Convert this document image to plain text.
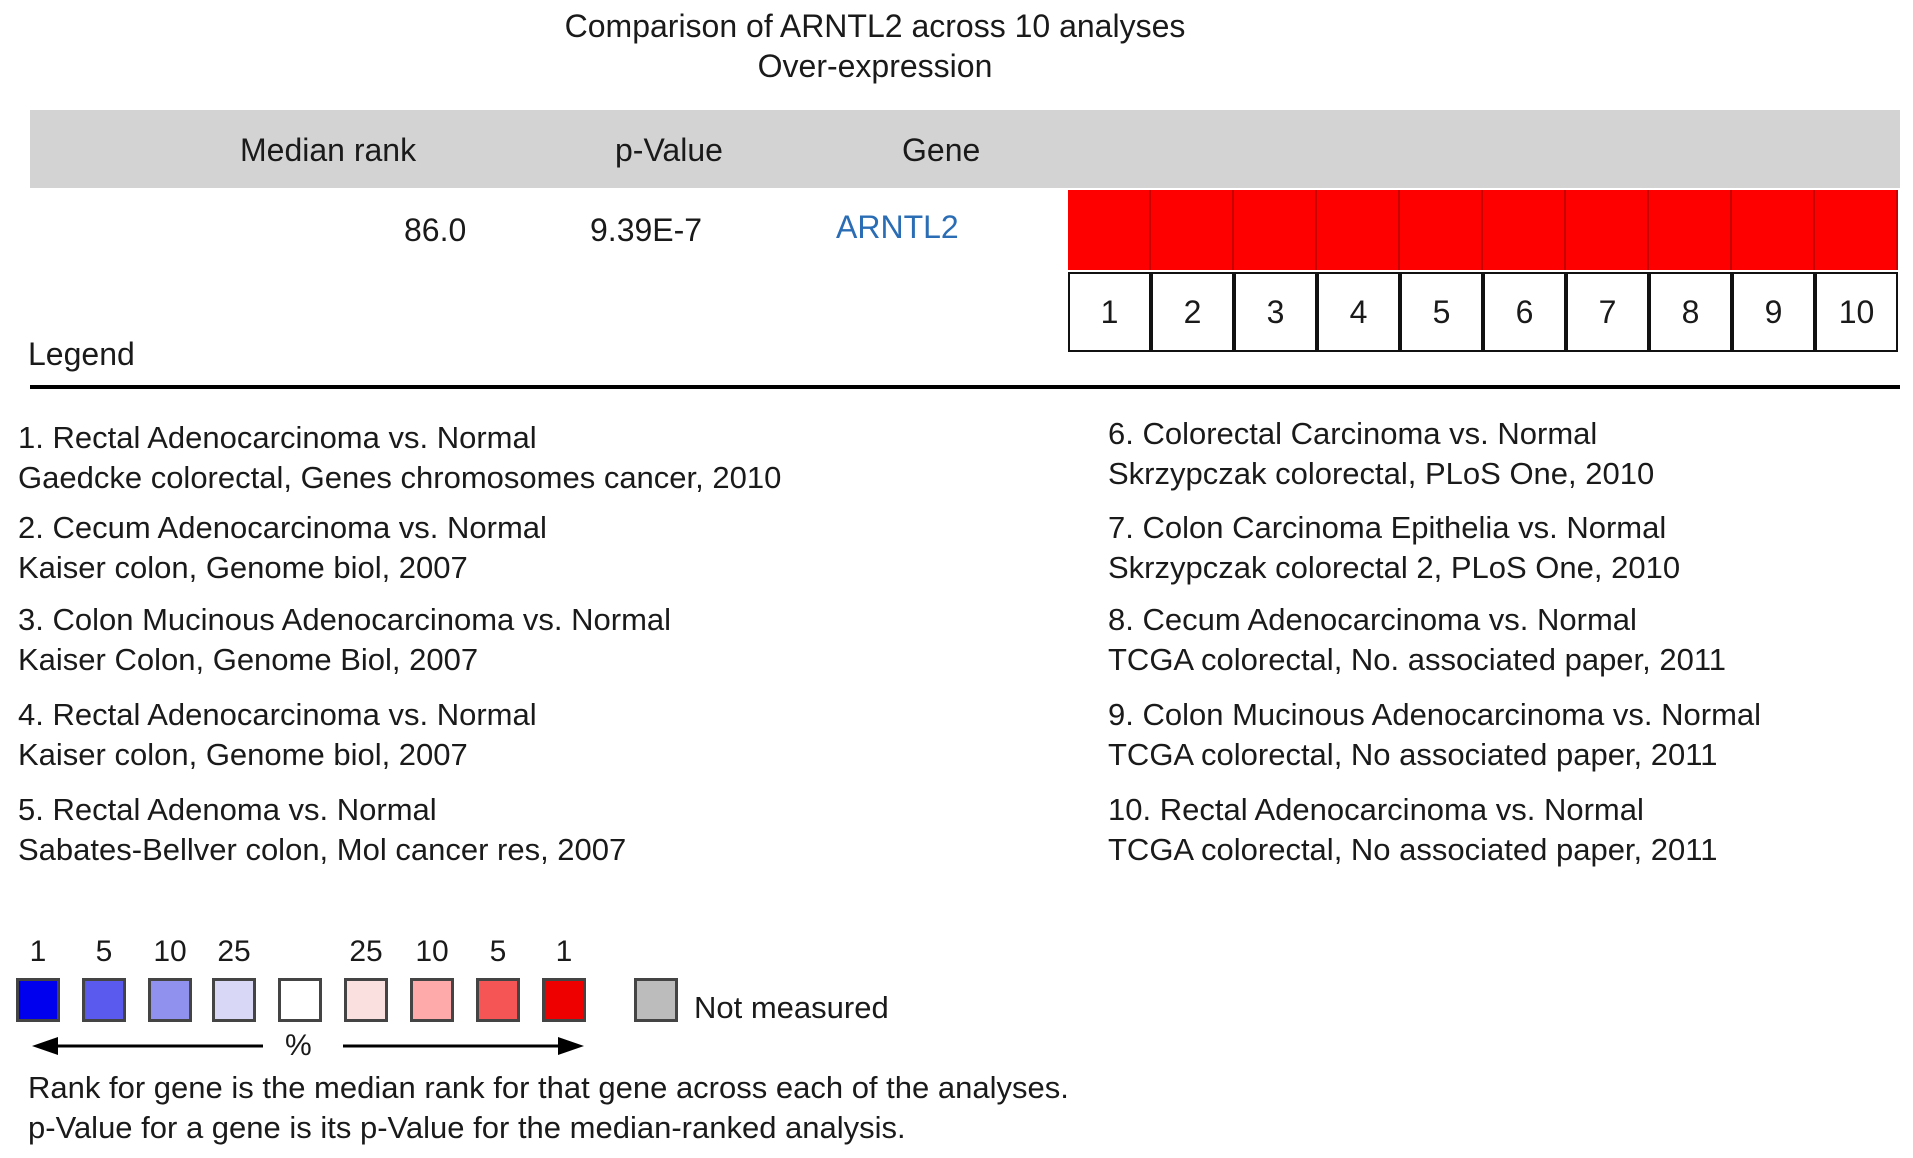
Comparison of ARNTL2 across 10 analyses
Over-expression
Median rank	p-Value	Gene
86.0	9.39E-7	ARNTL2
1	2	3	4	5	6	7	8	9	10
Legend
1. Rectal Adenocarcinoma vs. Normal
Gaedcke colorectal, Genes chromosomes cancer, 2010
2. Cecum Adenocarcinoma vs. Normal
Kaiser colon, Genome biol, 2007
3. Colon Mucinous Adenocarcinoma vs. Normal
Kaiser Colon, Genome Biol, 2007
4. Rectal Adenocarcinoma vs. Normal
Kaiser colon, Genome biol, 2007
5. Rectal Adenoma vs. Normal
Sabates-Bellver colon, Mol cancer res, 2007
6. Colorectal Carcinoma vs. Normal
Skrzypczak colorectal, PLoS One, 2010
7. Colon Carcinoma Epithelia vs. Normal
Skrzypczak colorectal 2, PLoS One, 2010
8. Cecum Adenocarcinoma vs. Normal
TCGA colorectal, No. associated paper, 2011
9. Colon Mucinous Adenocarcinoma vs. Normal
TCGA colorectal, No associated paper, 2011
10. Rectal Adenocarcinoma vs. Normal
TCGA colorectal, No associated paper, 2011
1	5	10	25	25	10	5	1
Not measured
%
Rank for gene is the median rank for that gene across each of the analyses.
p-Value for a gene is its p-Value for the median-ranked analysis.
